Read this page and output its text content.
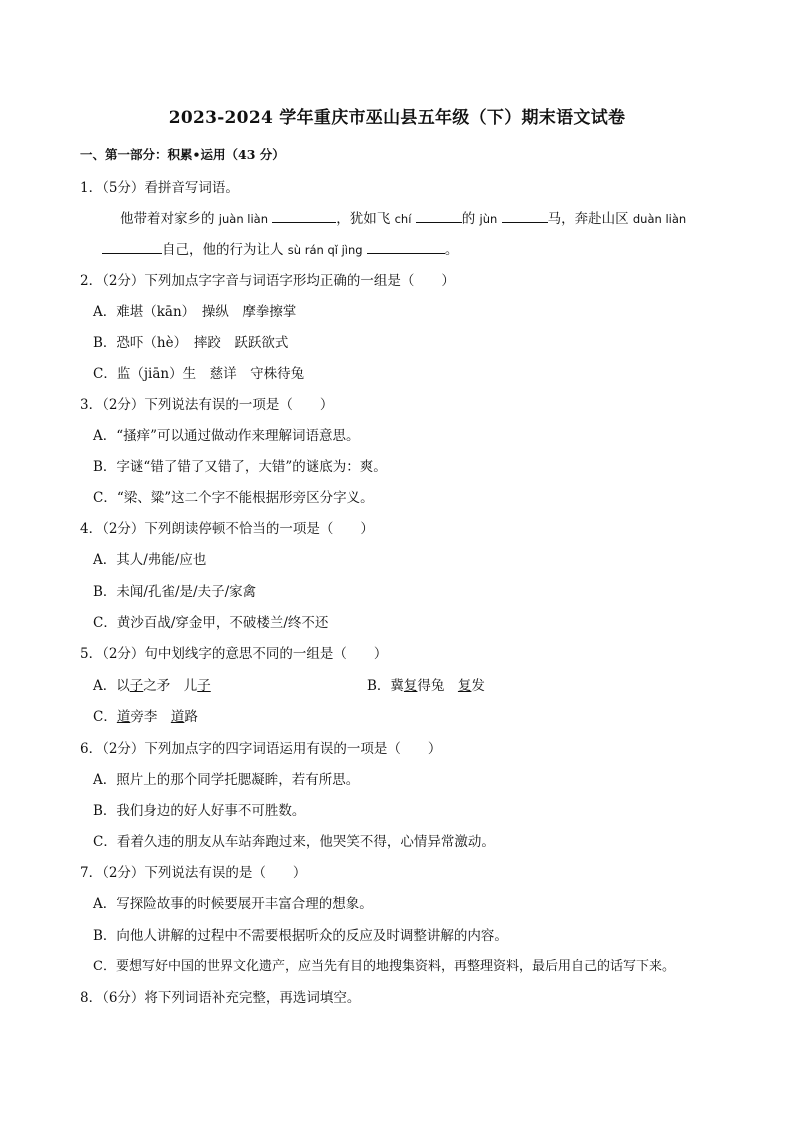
2023-2024 学年重庆市巫山县五年级（下）期末语文试卷
一、第一部分：积累•运用（43 分）
1．（5分）看拼音写词语。
他带着对家乡的 juàn liàn	，犹如飞 chí	的 jùn	马，奔赴山区 duàn liàn
自己，他的行为让人 sù rán qǐ jìng	。
2．（2分）下列加点字字音与词语字形均正确的一组是（　　）
A．难堪（kān）　操纵　摩拳擦掌
B．恐吓（hè）　摔跤　跃跃欲式
C．监（jiān）生　慈详　守株待兔
3．（2分）下列说法有误的一项是（　　）
A．“搔痒”可以通过做动作来理解词语意思。
B．字谜“错了错了又错了，大错”的谜底为：爽。
C．“梁、粱”这二个字不能根据形旁区分字义。
4．（2分）下列朗读停顿不恰当的一项是（　　）
A．其人/弗能/应也
B．未闻/孔雀/是/夫子/家禽
C．黄沙百战/穿金甲，不破楼兰/终不还
5．（2分）句中划线字的意思不同的一组是（　　）
A．以子之矛　儿子	B．冀复得兔　复发
C．道旁李　道路
6．（2分）下列加点字的四字词语运用有误的一项是（　　）
A．照片上的那个同学托腮凝眸，若有所思。
B．我们身边的好人好事不可胜数。
C．看着久违的朋友从车站奔跑过来，他哭笑不得，心情异常激动。
7．（2分）下列说法有误的是（　　）
A．写探险故事的时候要展开丰富合理的想象。
B．向他人讲解的过程中不需要根据听众的反应及时调整讲解的内容。
C．要想写好中国的世界文化遗产，应当先有目的地搜集资料，再整理资料，最后用自己的话写下来。
8．（6分）将下列词语补充完整，再选词填空。
